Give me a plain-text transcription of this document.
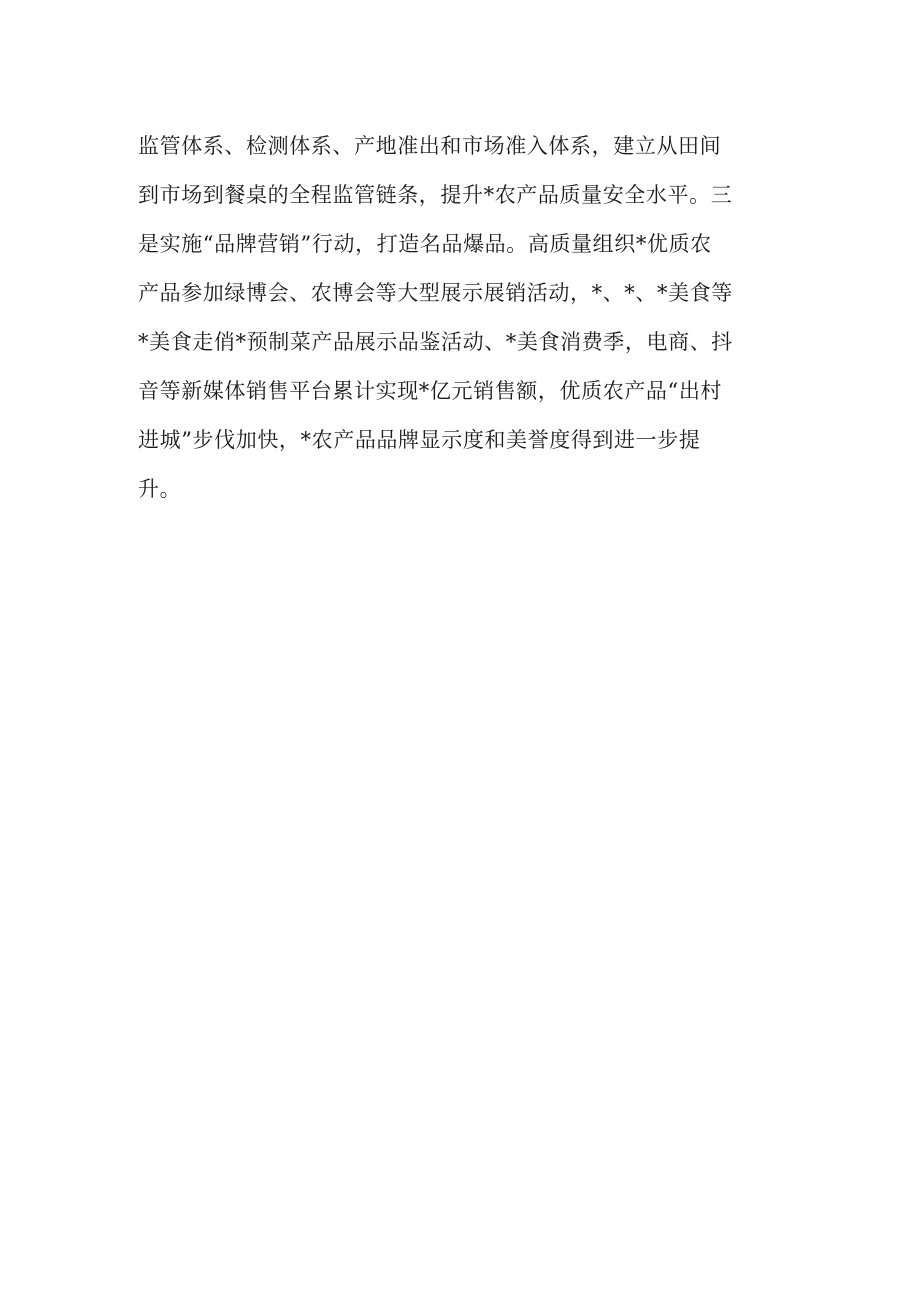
监管体系、检测体系、产地准出和市场准入体系，建立从田间
到市场到餐桌的全程监管链条，提升*农产品质量安全水平。三
是实施“品牌营销”行动，打造名品爆品。高质量组织*优质农
产品参加绿博会、农博会等大型展示展销活动，*、*、*美食等
*美食走俏*预制菜产品展示品鉴活动、*美食消费季，电商、抖
音等新媒体销售平台累计实现*亿元销售额，优质农产品“出村
进城”步伐加快，*农产品品牌显示度和美誉度得到进一步提
升。
